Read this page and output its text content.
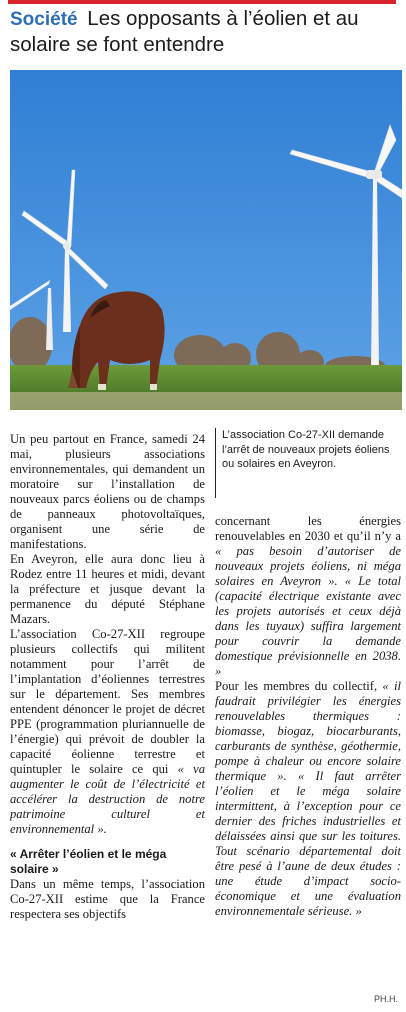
Société Les opposants à l’éolien et au solaire se font entendre
L’association Co-27-XII demande l’arrêt de nouveaux projets éoliens ou solaires en Aveyron.

Un peu partout en France, samedi 24 mai, plusieurs associations environnementales, qui demandent un moratoire sur l’installation de nouveaux parcs éoliens ou de champs de panneaux photovoltaïques, organisent une série de manifestations.

En Aveyron, elle aura donc lieu à Rodez entre 11 heures et midi, devant la préfecture et jusque devant la permanence du député Stéphane Mazars.

L’association Co-27-XII regroupe plusieurs collectifs qui militent notamment pour l’arrêt de l’implantation d’éoliennes terrestres sur le département. Ses membres entendent dénoncer le projet de décret PPE (programmation pluriannuelle de l’énergie) qui prévoit de doubler la capacité éolienne terrestre et quintupler le solaire ce qui « va augmenter le coût de l’électricité et accélérer la destruction de notre patrimoine culturel et environnemental ».

« Arrêter l’éolien et le méga solaire »

Dans un même temps, l’association Co-27-XII estime que la France respectera ses objectifs

concernant les énergies renouvelables en 2030 et qu’il n’y a « pas besoin d’autoriser de nouveaux projets éoliens, ni méga solaires en Aveyron ». « Le total (capacité électrique existante avec les projets autorisés et ceux déjà dans les tuyaux) suffira largement pour couvrir la demande domestique prévisionnelle en 2038. »

Pour les membres du collectif, « il faudrait privilégier les énergies renouvelables thermiques : biomasse, biogaz, biocarburants, carburants de synthèse, géothermie, pompe à chaleur ou encore solaire thermique ». « Il faut arrêter l’éolien et le méga solaire intermittent, à l’exception pour ce dernier des friches industrielles et délaissées ainsi que sur les toitures. Tout scénario départemental doit être pesé à l’aune de deux études : une étude d’impact socio-économique et une évaluation environnementale sérieuse. »

PH.H.
